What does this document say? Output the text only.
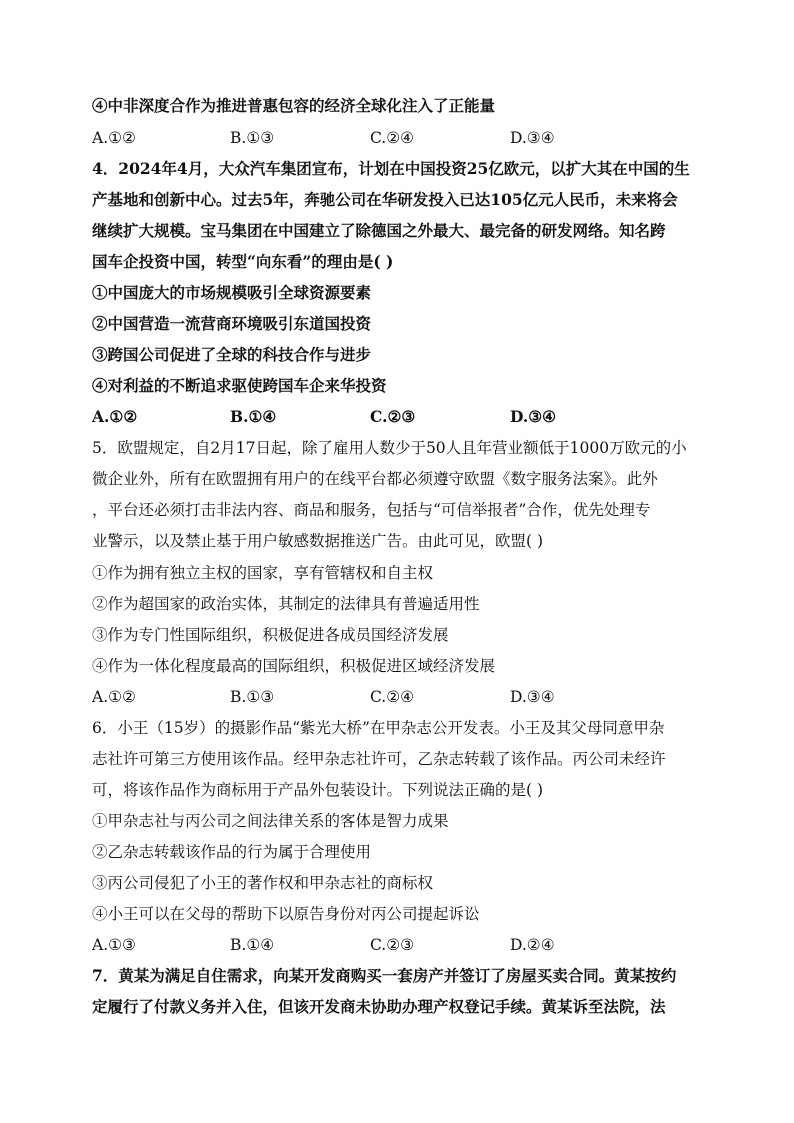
④中非深度合作为推进普惠包容的经济全球化注入了正能量
A.①②	B.①③	C.②④	D.③④
4．2024年4月，大众汽车集团宣布，计划在中国投资25亿欧元，以扩大其在中国的生
产基地和创新中心。过去5年，奔驰公司在华研发投入已达105亿元人民币，未来将会
继续扩大规模。宝马集团在中国建立了除德国之外最大、最完备的研发网络。知名跨
国车企投资中国，转型“向东看”的理由是( )
①中国庞大的市场规模吸引全球资源要素
②中国营造一流营商环境吸引东道国投资
③跨国公司促进了全球的科技合作与进步
④对利益的不断追求驱使跨国车企来华投资
A.①②	B.①④	C.②③	D.③④
5．欧盟规定，自2月17日起，除了雇用人数少于50人且年营业额低于1000万欧元的小
微企业外，所有在欧盟拥有用户的在线平台都必须遵守欧盟《数字服务法案》。此外
，平台还必须打击非法内容、商品和服务，包括与“可信举报者”合作，优先处理专
业警示，以及禁止基于用户敏感数据推送广告。由此可见，欧盟( )
①作为拥有独立主权的国家，享有管辖权和自主权
②作为超国家的政治实体，其制定的法律具有普遍适用性
③作为专门性国际组织，积极促进各成员国经济发展
④作为一体化程度最高的国际组织，积极促进区域经济发展
A.①②	B.①③	C.②④	D.③④
6．小王（15岁）的摄影作品“紫光大桥”在甲杂志公开发表。小王及其父母同意甲杂
志社许可第三方使用该作品。经甲杂志社许可，乙杂志转载了该作品。丙公司未经许
可，将该作品作为商标用于产品外包装设计。下列说法正确的是( )
①甲杂志社与丙公司之间法律关系的客体是智力成果
②乙杂志转载该作品的行为属于合理使用
③丙公司侵犯了小王的著作权和甲杂志社的商标权
④小王可以在父母的帮助下以原告身份对丙公司提起诉讼
A.①③	B.①④	C.②③	D.②④
7．黄某为满足自住需求，向某开发商购买一套房产并签订了房屋买卖合同。黄某按约
定履行了付款义务并入住，但该开发商未协助办理产权登记手续。黄某诉至法院，法
